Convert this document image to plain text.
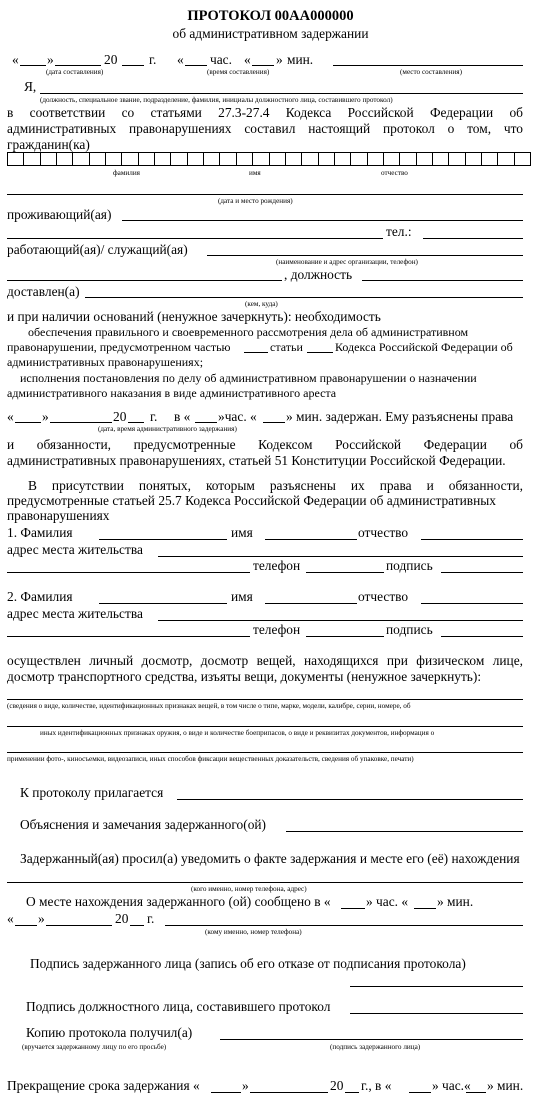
ПРОТОКОЛ 00АА000000
об административном задержании
« »	20 г. « час. « » мин.
(дата составления)	(время составления)	(место составления)
Я,
(должность, специальное звание, подразделение, фамилия, инициалы должностного лица, составившего протокол)
в соответствии со статьями 27.3-27.4 Кодекса Российской Федерации об
административных правонарушениях составил настоящий протокол о том, что
гражданин(ка)
фамилия	имя	отчество
(дата и место рождения)
проживающий(ая)
тел.:
работающий(ая)/ служащий(ая)
(наименование и адрес организации, телефон)
, должность
доставлен(а)
(кем, куда)
и при наличии оснований (ненужное зачеркнуть): необходимость
обеспечения правильного и своевременного рассмотрения дела об административном
правонарушении, предусмотренном частью	статьи	Кодекса Российской Федерации об
административных правонарушениях;
исполнения постановления по делу об административном правонарушении о назначении
административного наказания в виде административного ареста
« »	20 г. в « »час. « » мин. задержан. Ему разъяснены права
(дата, время административного задержания)
и обязанности, предусмотренные Кодексом Российской Федерации об
административных правонарушениях, статьей 51 Конституции Российской Федерации.
В присутствии понятых, которым разъяснены их права и обязанности,
предусмотренные статьей 25.7 Кодекса Российской Федерации об административных
правонарушениях
1. Фамилия	имя	отчество
адрес места жительства
телефон	подпись
2. Фамилия	имя	отчество
адрес места жительства
телефон	подпись
осуществлен личный досмотр, досмотр вещей, находящихся при физическом лице,
досмотр транспортного средства, изъяты вещи, документы (ненужное зачеркнуть):
(сведения о виде, количестве, идентификационных признаках вещей, в том числе о типе, марке, модели, калибре, серии, номере, об
иных идентификационных признаках оружия, о виде и количестве боеприпасов, о виде и реквизитах документов, информация о
применении фото-, киносъемки, видеозаписи, иных способов фиксации вещественных доказательств, сведения об упаковке, печати)
К протоколу прилагается
Объяснения и замечания задержанного(ой)
Задержанный(ая) просил(а) уведомить о факте задержания и месте его (её) нахождения
(кого именно, номер телефона, адрес)
О месте нахождения задержанного (ой) сообщено в «	» час. « » мин.
« »	20 г.
(кому именно, номер телефона)
Подпись задержанного лица (запись об его отказе от подписания протокола)
Подпись должностного лица, составившего протокол
Копию протокола получил(а)
(вручается задержанному лицу по его просьбе)	(подпись задержанного лица)
Прекращение срока задержания «	»	20 г., в «	» час.« » мин.
